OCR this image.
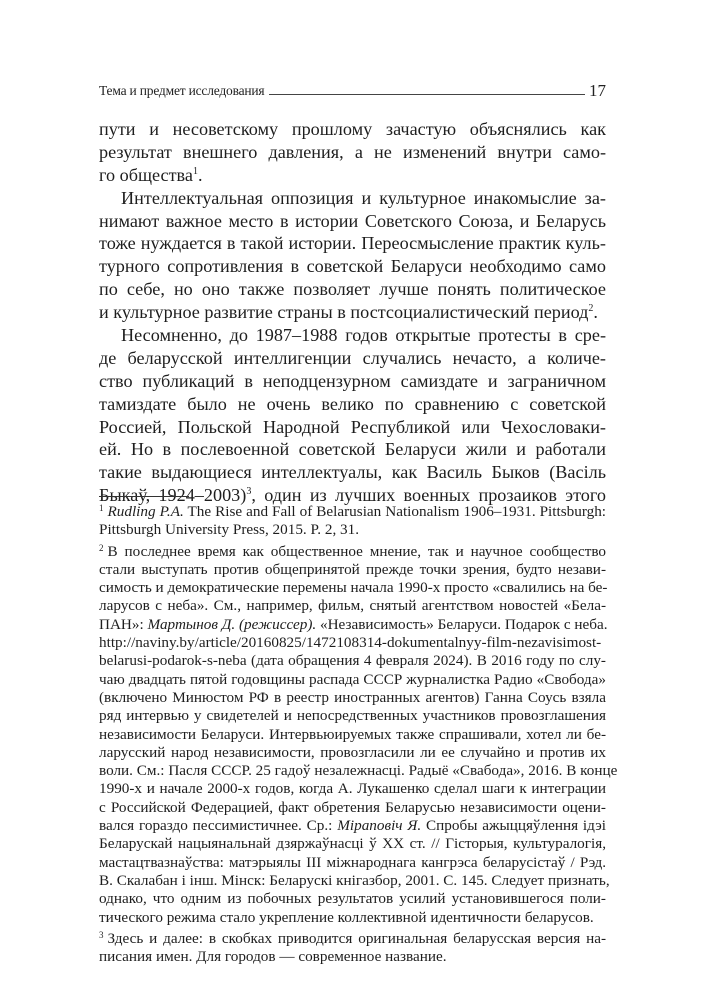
Тема и предмет исследования	17
пути и несоветскому прошлому зачастую объяснялись как
результат внешнего давления, а не изменений внутри само-
го общества$^1$.
Интеллектуальная оппозиция и культурное инакомыслие за-
нимают важное место в истории Советского Союза, и Беларусь
тоже нуждается в такой истории. Переосмысление практик куль-
турного сопротивления в советской Беларуси необходимо само
по себе, но оно также позволяет лучше понять политическое
и культурное развитие страны в постсоциалистический период$^2$.
Несомненно, до 1987–1988 годов открытые протесты в сре-
де беларусской интеллигенции случались нечасто, а количе-
ство публикаций в неподцензурном самиздате и заграничном
тамиздате было не очень велико по сравнению с советской
Россией, Польской Народной Республикой или Чехословаки-
ей. Но в послевоенной советской Беларуси жили и работали
такие выдающиеся интеллектуалы, как Василь Быков (Васіль
Быкаў, 1924–2003)$^3$, один из лучших военных прозаиков этого
$^1$ Rudling P.A. The Rise and Fall of Belarusian Nationalism 1906–1931. Pittsburgh:
Pittsburgh University Press, 2015. P. 2, 31.
$^2$ В последнее время как общественное мнение, так и научное сообщество
стали выступать против общепринятой прежде точки зрения, будто незави-
симость и демократические перемены начала 1990-х просто «свалились на бе-
ларусов с неба». См., например, фильм, снятый агентством новостей «Бела-
ПАН»: Мартынов Д. (режиссер). «Независимость» Беларуси. Подарок с неба.
http://naviny.by/article/20160825/1472108314-dokumentalnyy-film-nezavisimost-
belarusi-podarok-s-neba (дата обращения 4 февраля 2024). В 2016 году по слу-
чаю двадцать пятой годовщины распада СССР журналистка Радио «Свобода»
(включено Минюстом РФ в реестр иностранных агентов) Ганна Соусь взяла
ряд интервью у свидетелей и непосредственных участников провозглашения
независимости Беларуси. Интервьюируемых также спрашивали, хотел ли бе-
ларусский народ независимости, провозгласили ли ее случайно и против их
воли. См.: Пасля СССР. 25 гадоў незалежнасці. Радыё «Свабода», 2016. В конце
1990-х и начале 2000-х годов, когда А. Лукашенко сделал шаги к интеграции
с Российской Федерацией, факт обретения Беларусью независимости оцени-
вался гораздо пессимистичнее. Ср.: Міраповіч Я. Спробы ажыццяўлення ідэі
Беларускай нацыянальнай дзяржаўнасці ў XX ст. // Гісторыя, культуралогія,
мастацтвазнаўства: матэрыялы III міжнароднага кангрэса беларусістаў / Рэд.
В. Скалабан і інш. Мінск: Беларускі кнігазбор, 2001. С. 145. Следует признать,
однако, что одним из побочных результатов усилий установившегося поли-
тического режима стало укрепление коллективной идентичности беларусов.
$^3$ Здесь и далее: в скобках приводится оригинальная беларусская версия на-
писания имен. Для городов — современное название.
